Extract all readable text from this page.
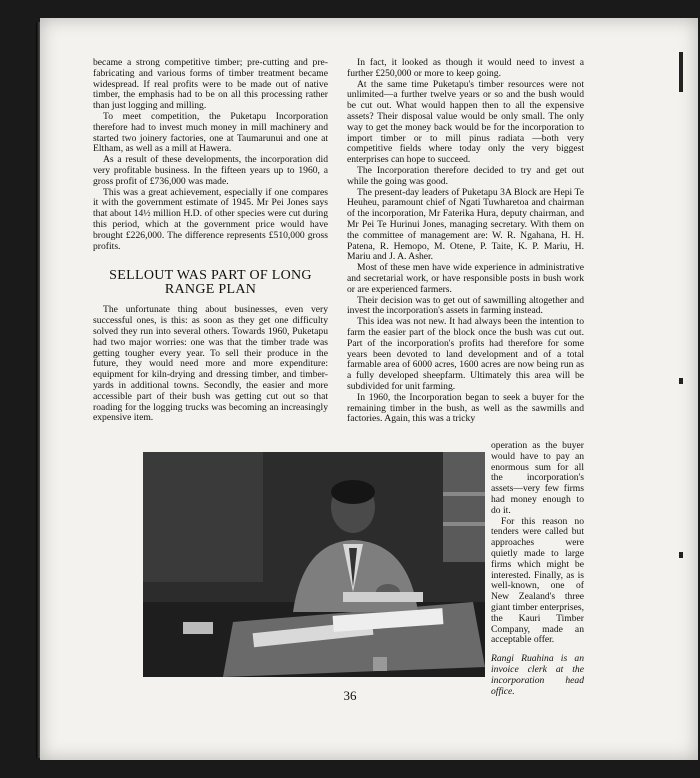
became a strong competitive timber; pre-cutting and pre-fabricating and various forms of timber treatment became widespread. If real profits were to be made out of native timber, the emphasis had to be on all this processing rather than just logging and milling.

To meet competition, the Puketapu Incorporation therefore had to invest much money in mill machinery and started two joinery factories, one at Taumarunui and one at Eltham, as well as a mill at Hawera.

As a result of these developments, the incorporation did very profitable business. In the fifteen years up to 1960, a gross profit of £736,000 was made.

This was a great achievement, especially if one compares it with the government estimate of 1945. Mr Pei Jones says that about 14½ million H.D. of other species were cut during this period, which at the government price would have brought £226,000. The difference represents £510,000 gross profits.

SELLOUT WAS PART OF LONG RANGE PLAN

The unfortunate thing about businesses, even very successful ones, is this: as soon as they get one difficulty solved they run into several others. Towards 1960, Puketapu had two major worries: one was that the timber trade was getting tougher every year. To sell their produce in the future, they would need more and more expenditure: equipment for kiln-drying and dressing timber, and timber-yards in additional towns. Secondly, the easier and more accessible part of their bush was getting cut out so that roading for the logging trucks was becoming an increasingly expensive item.

In fact, it looked as though it would need to invest a further £250,000 or more to keep going.

At the same time Puketapu's timber resources were not unlimited—a further twelve years or so and the bush would be cut out. What would happen then to all the expensive assets? Their disposal value would be only small. The only way to get the money back would be for the incorporation to import timber or to mill pinus radiata —both very competitive fields where today only the very biggest enterprises can hope to succeed.

The Incorporation therefore decided to try and get out while the going was good.

The present-day leaders of Puketapu 3A Block are Hepi Te Heuheu, paramount chief of Ngati Tuwharetoa and chairman of the incorporation, Mr Faterika Hura, deputy chairman, and Mr Pei Te Hurinui Jones, managing secretary. With them on the committee of management are: W. R. Ngahana, H. H. Patena, R. Hemopo, M. Otene, P. Taite, K. P. Mariu, H. Mariu and J. A. Asher.

Most of these men have wide experience in administrative and secretarial work, or have responsible posts in bush work or are experienced farmers.

Their decision was to get out of sawmilling altogether and invest the incorporation's assets in farming instead.

This idea was not new. It had always been the intention to farm the easier part of the block once the bush was cut out. Part of the incorporation's profits had therefore for some years been devoted to land development and of a total farmable area of 6000 acres, 1600 acres are now being run as a fully developed sheepfarm. Ultimately this area will be subdivided for unit farming.

In 1960, the Incorporation began to seek a buyer for the remaining timber in the bush, as well as the sawmills and factories. Again, this was a tricky

operation as the buyer would have to pay an enormous sum for all the incorporation's assets—very few firms had money enough to do it.

For this reason no tenders were called but approaches were quietly made to large firms which might be interested. Finally, as is well-known, one of New Zealand's three giant timber enterprises, the Kauri Timber Company, made an acceptable offer.

Rangi Ruahina is an invoice clerk at the incorporation head office.

36
